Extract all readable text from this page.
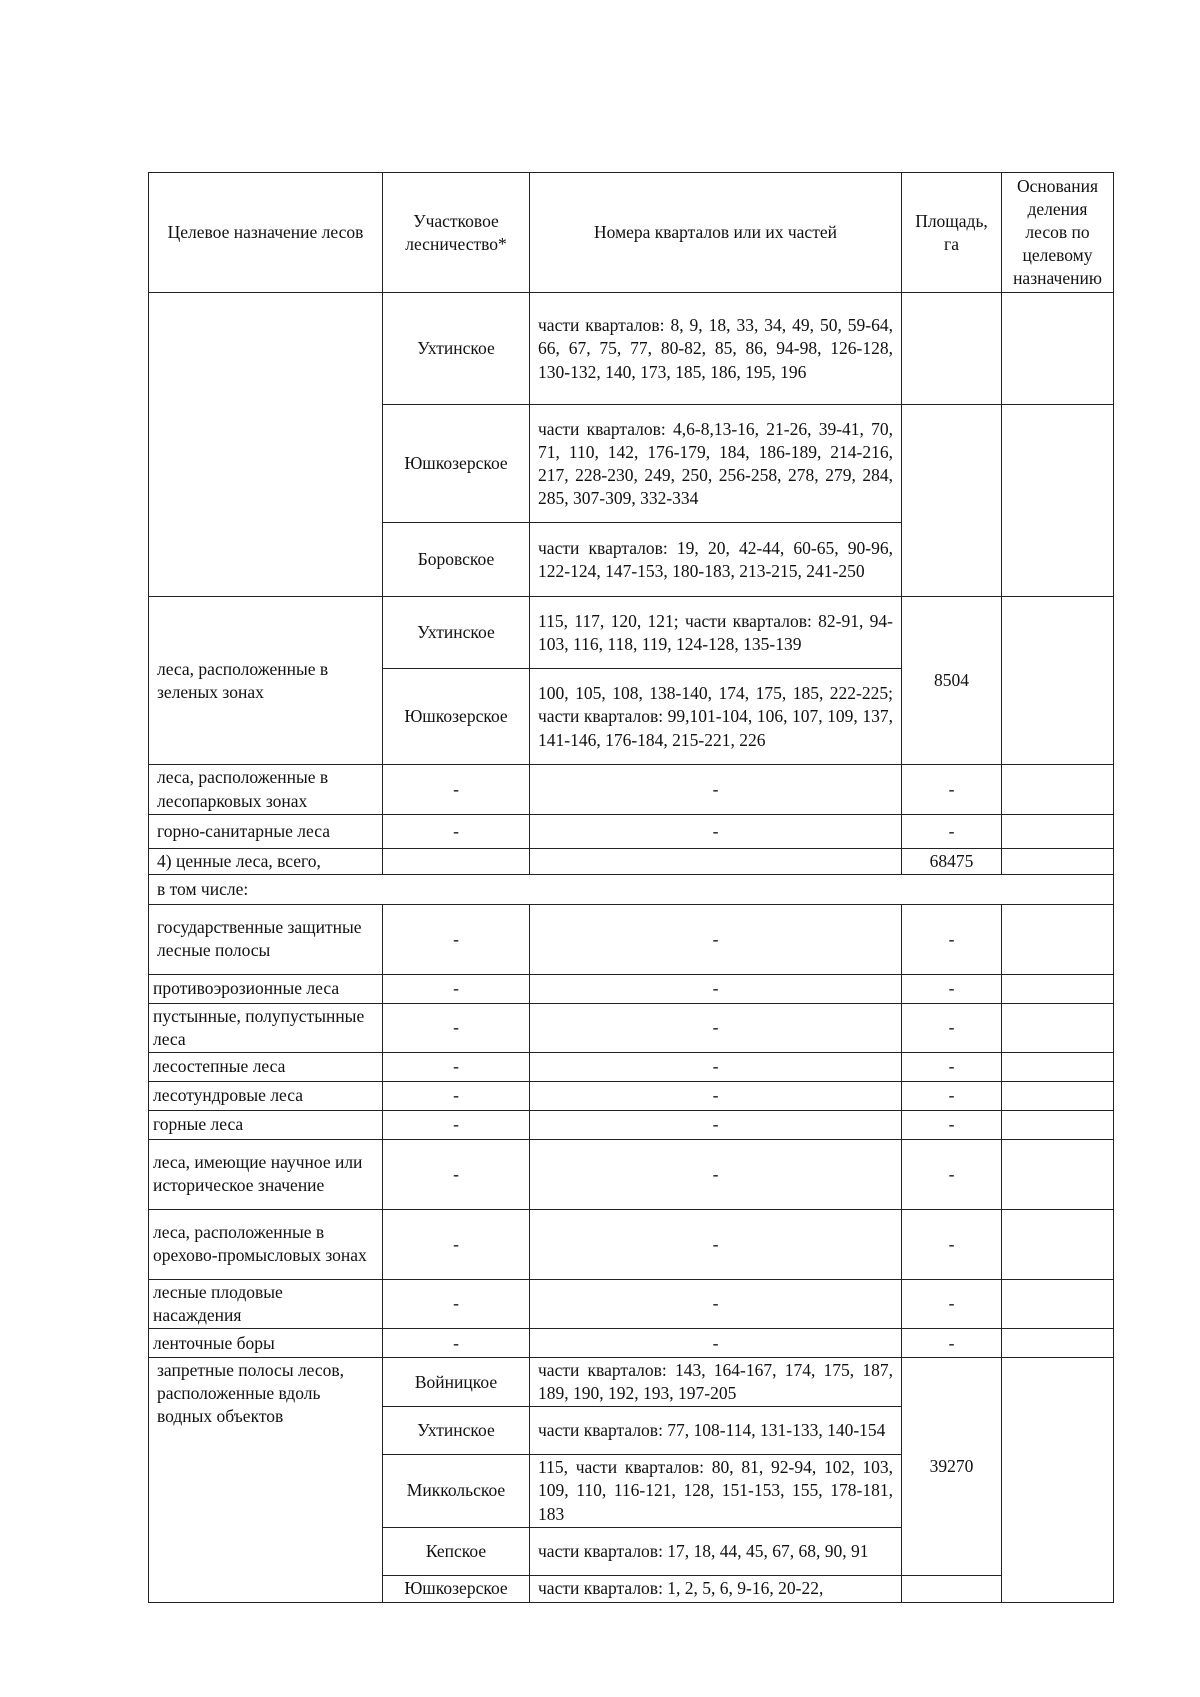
Целевое назначение лесов	Участковое лесничество*	Номера кварталов или их частей	Площадь, га	Основания деления лесов по целевому назначению
	Ухтинское	части кварталов: 8, 9, 18, 33, 34, 49, 50, 59-64, 66, 67, 75, 77, 80-82, 85, 86, 94-98, 126-128, 130-132, 140, 173, 185, 186, 195, 196		
	Юшкозерское	части кварталов: 4,6-8,13-16, 21-26, 39-41, 70, 71, 110, 142, 176-179, 184, 186-189, 214-216, 217, 228-230, 249, 250, 256-258, 278, 279, 284, 285, 307-309, 332-334		
	Боровское	части кварталов: 19, 20, 42-44, 60-65, 90-96, 122-124, 147-153, 180-183, 213-215, 241-250		
леса, расположенные в зеленых зонах	Ухтинское	115, 117, 120, 121; части кварталов: 82-91, 94-103, 116, 118, 119, 124-128, 135-139	8504	
	Юшкозерское	100, 105, 108, 138-140, 174, 175, 185, 222-225; части кварталов: 99,101-104, 106, 107, 109, 137, 141-146, 176-184, 215-221, 226		
леса, расположенные в лесопарковых зонах	-	-	-	
горно-санитарные леса	-	-	-	
4) ценные леса, всего,			68475	
в том числе:				
государственные защитные лесные полосы	-	-	-	
противоэрозионные леса	-	-	-	
пустынные, полупустынные леса	-	-	-	
лесостепные леса	-	-	-	
лесотундровые леса	-	-	-	
горные леса	-	-	-	
леса, имеющие научное или историческое значение	-	-	-	
леса, расположенные в орехово-промысловых зонах	-	-	-	
лесные плодовые насаждения	-	-	-	
ленточные боры	-	-	-	
запретные полосы лесов, расположенные вдоль водных объектов	Войницкое	части кварталов: 143, 164-167, 174, 175, 187, 189, 190, 192, 193, 197-205	39270	
	Ухтинское	части кварталов: 77, 108-114, 131-133, 140-154		
	Миккольское	115, части кварталов: 80, 81, 92-94, 102, 103, 109, 110, 116-121, 128, 151-153, 155, 178-181, 183		
	Кепское	части кварталов: 17, 18, 44, 45, 67, 68, 90, 91		
	Юшкозерское	части кварталов: 1, 2, 5, 6, 9-16, 20-22,		
